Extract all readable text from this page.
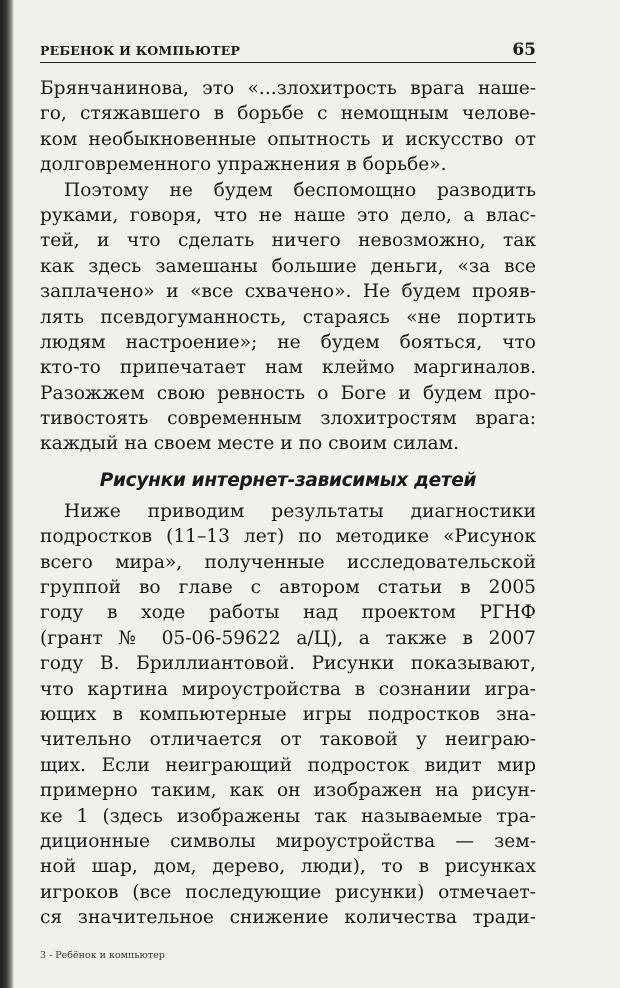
РЕБЕНОК И КОМПЬЮТЕР	65
Брянчанинова, это «...злохитрость врага наше-
го, стяжавшего в борьбе с немощным челове-
ком необыкновенные опытность и искусство от
долговременного упражнения в борьбе».
Поэтому не будем беспомощно разводить
руками, говоря, что не наше это дело, а влас-
тей, и что сделать ничего невозможно, так
как здесь замешаны большие деньги, «за все
заплачено» и «все схвачено». Не будем прояв-
лять псевдогуманность, стараясь «не портить
людям настроение»; не будем бояться, что
кто-то припечатает нам клеймо маргиналов.
Разожжем свою ревность о Боге и будем про-
тивостоять современным злохитростям врага:
каждый на своем месте и по своим силам.
Рисунки интернет-зависимых детей
Ниже приводим результаты диагностики
подростков (11–13 лет) по методике «Рисунок
всего мира», полученные исследовательской
группой во главе с автором статьи в 2005
году в ходе работы над проектом РГНФ
(грант № 05-06-59622 а/Ц), а также в 2007
году В. Бриллиантовой. Рисунки показывают,
что картина мироустройства в сознании игра-
ющих в компьютерные игры подростков зна-
чительно отличается от таковой у неиграю-
щих. Если неиграющий подросток видит мир
примерно таким, как он изображен на рисун-
ке 1 (здесь изображены так называемые тра-
диционные символы мироустройства — зем-
ной шар, дом, дерево, люди), то в рисунках
игроков (все последующие рисунки) отмечает-
ся значительное снижение количества тради-
3 - Ребёнок и компьютер
